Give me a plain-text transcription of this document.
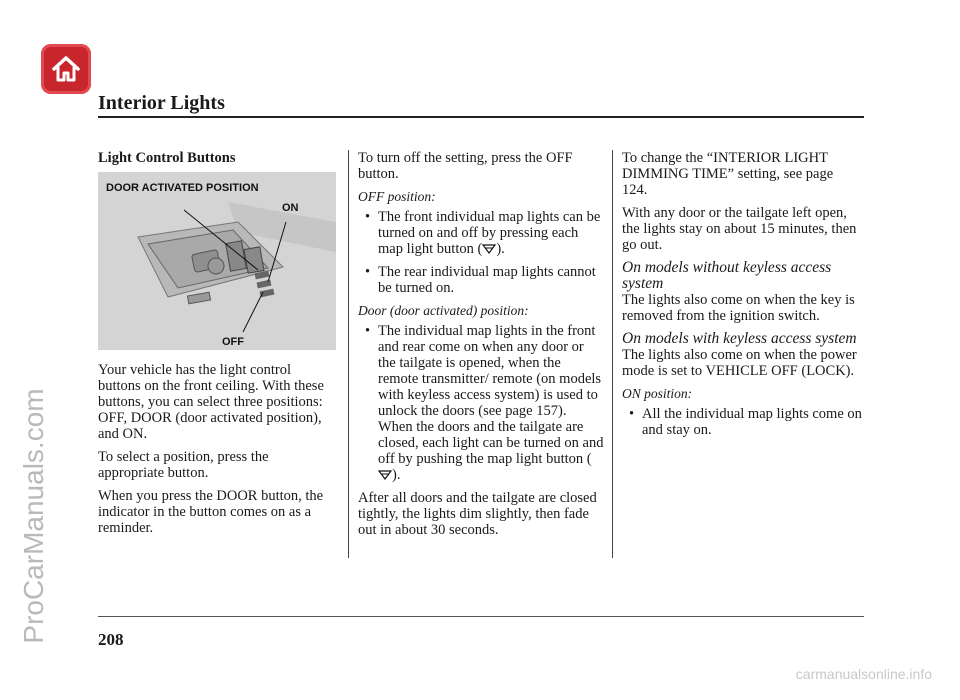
Interior Lights
ProCarManuals.com

Light Control Buttons

DOOR ACTIVATED POSITION
ON
OFF

Your vehicle has the light control buttons on the front ceiling. With these buttons, you can select three positions: OFF, DOOR (door activated position), and ON.

To select a position, press the appropriate button.

When you press the DOOR button, the indicator in the button comes on as a reminder.

To turn off the setting, press the OFF button.

OFF position:

• The front individual map lights can be turned on and off by pressing each map light button ( ).
• The rear individual map lights cannot be turned on.

Door (door activated) position:

• The individual map lights in the front and rear come on when any door or the tailgate is opened, when the remote transmitter/ remote (on models with keyless access system) is used to unlock the doors (see page 157). When the doors and the tailgate are closed, each light can be turned on and off by pushing the map light button ().

After all doors and the tailgate are closed tightly, the lights dim slightly, then fade out in about 30 seconds.

To change the “INTERIOR LIGHT DIMMING TIME” setting, see page 124.

With any door or the tailgate left open, the lights stay on about 15 minutes, then go out.

On models without keyless access system

The lights also come on when the key is removed from the ignition switch.

On models with keyless access system

The lights also come on when the power mode is set to VEHICLE OFF (LOCK).

ON position:

• All the individual map lights come on and stay on.
208
carmanualsonline.info
